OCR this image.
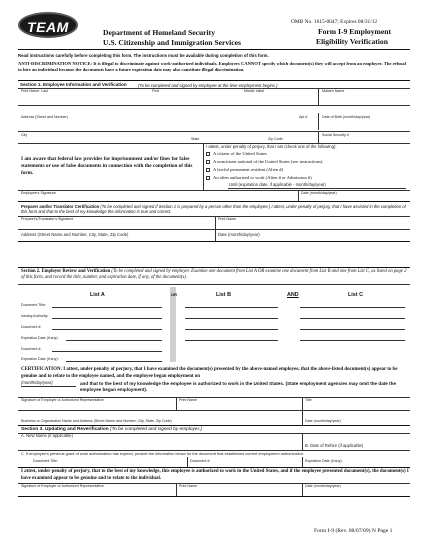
TEAM	Department of Homeland Security
U.S. Citizenship and Immigration Services
OMB No. 1615-0047; Expires 08/31/12
Form I-9 Employment
Eligibility Verification
Read instructions carefully before completing this form. The instructions must be available during completion of this form.
ANTI-DISCRIMINATION NOTICE: It is illegal to discriminate against work-authorized individuals. Employers CANNOT specify which document(s) they will accept from an employee. The refusal to hire an individual because the documents have a future expiration date may also constitute illegal discrimination.
Section 1. Employee Information and Verification	(To be completed and signed by employee at the time employment begins.)
Print Name: Last	First	Middle Initial	Maiden Name
Address (Street and Number)	Apt #	Date of Birth (month/day/year)
City
State	Zip Code
Social Security #
I am aware that federal law provides for imprisonment and/or fines for false statements or use of false documents in connection with the completion of this form.
I attest, under penalty of perjury, that I am (check one of the following):
A citizen of the United States
A noncitizen national of the United States (see instructions)
A lawful permanent resident (Alien #)
An alien authorized to work (Alien # or Admission #)
Until (expiration date, if applicable - month/day/year)
Employee's Signature	Date (month/day/year)
Preparer and/or Translator Certification (To be completed and signed if Section 1 is prepared by a person other than the employee.) I attest, under penalty of perjury, that I have assisted in the completion of this form and that to the best of my knowledge the information is true and correct.
Preparer's/Translator's Signature	Print Name
Address (Street Name and Number, City, State, Zip Code)	Date (month/day/year)
Section 2. Employer Review and Verification (To be completed and signed by employer. Examine one document from List A OR examine one document from List B and one from List C, as listed on page 2 of this form, and record the title, number, and expiration date, if any, of the document(s).
List A	OR	List B	AND	List C
Document Title:
Issuing Authority:
Document #:
Expiration Date (if any):
Document #:
Expiration Date (if any):
CERTIFICATION: I attest, under penalty of perjury, that I have examined the document(s) presented by the above-named employee, that the above-listed document(s) appear to be genuine and to relate to the employee named, and the employee began employment on
(month/day/year)	and that to the best of my knowledge the employee is authorized to work in the United States. (State employment agencies may omit the date the employee began employment).
Signature of Employer or Authorized Representative	Print Name	Title
Business or Organization Name and Address (Street Name and Number, City, State, Zip Code)	Date (month/day/year)
Section 3. Updating and Reverification (To be completed and signed by employer.)
A. New Name (if applicable)
B. Date of Rehire (if applicable)
C. If employee's previous grant of work authorization has expired, provide the information below for the document that establishes current employment authorization.
Document Title:	Document #:	Expiration Date (if any):
I attest, under penalty of perjury, that to the best of my knowledge, this employee is authorized to work in the United States, and if the employee presented document(s), the document(s) I have examined appear to be genuine and to relate to the individual.
Signature of Employer or Authorized Representative	Print Name	Date (month/day/year)
Form I-9 (Rev. 08/07/09) N Page 1
